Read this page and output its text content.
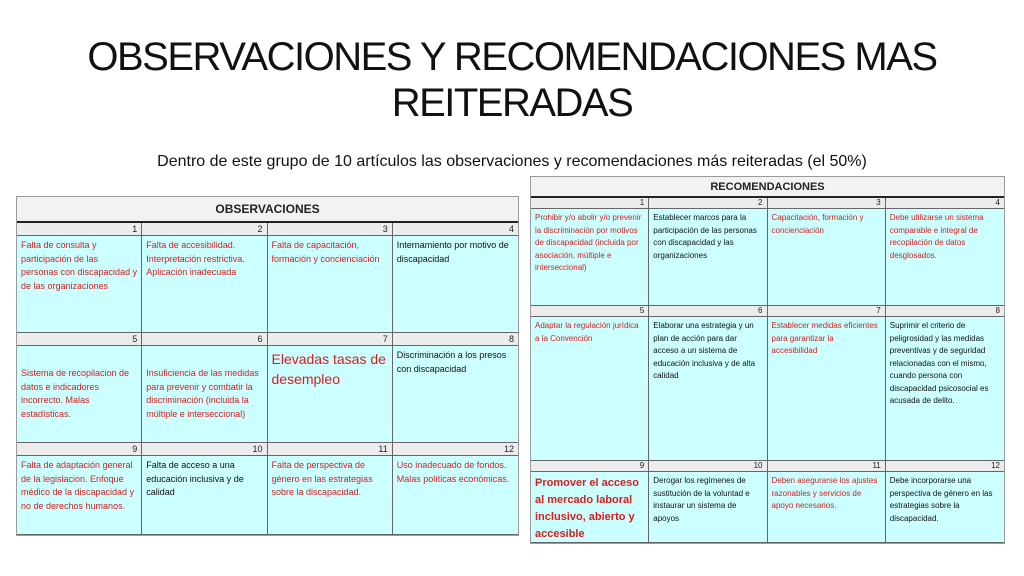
OBSERVACIONES Y RECOMENDACIONES MAS REITERADAS

Dentro de este grupo de 10 artículos las observaciones y recomendaciones más reiteradas (el 50%)

OBSERVACIONES
1
Falta de consulta y participación de las personas con discapacidad y de las organizaciones
2
Falta de accesibilidad. Interpretación restrictiva. Aplicación inadecuada
3
Falta de capacitación, formación y concienciación
4
Internamiento por motivo de discapacidad
5
Sistema de recopilacion de datos e indicadores incorrecto. Malas estadísticas.
6
Insuficiencia de las medidas para prevenir y combatir la discriminación (incluida la múltiple e interseccional)
7
Elevadas tasas de desempleo
8
Discriminación a los presos con discapacidad
9
Falta de adaptación general de la legislacion. Enfoque médico de la discapacidad y no de derechos humanos.
10
Falta de acceso a una educación inclusiva y de calidad
11
Falta de perspectiva de género en las estrategias sobre la discapacidad.
12
Uso inadecuado de fondos. Malas políticas económicas.
RECOMENDACIONES
1
Prohibir y/o abolir y/o prevenir la discriminación por motivos de discapacidad (incluida por asociación, múltiple e interseccional)
2
Establecer marcos para la participación de las personas con discapacidad y las organizaciones
3
Capacitación, formación y concienciación
4
Debe utilizarse un sistema comparable e integral de recopilación de datos desglosados.
5
Adaptar la regulación jurídica a la Convención
6
Elaborar una estrategia y un plan de acción para dar acceso a un sistema de educación inclusiva y de alta calidad
7
Establecer medidas eficientes para garantizar la accesibilidad
8
Suprimir el criterio de peligrosidad y las medidas preventivas y de seguridad relacionadas con el mismo, cuando persona con discapacidad psicosocial es acusada de delito.
9
Promover el acceso al mercado laboral inclusivo, abierto y accesible
10
Derogar los regímenes de sustitución de la voluntad e instaurar un sistema de apoyos
11
Deben asegurarse los ajustes razonables y servicios de apoyo necesarios.
12
Debe incorporarse una perspectiva de género en las estrategias sobre la discapacidad.
